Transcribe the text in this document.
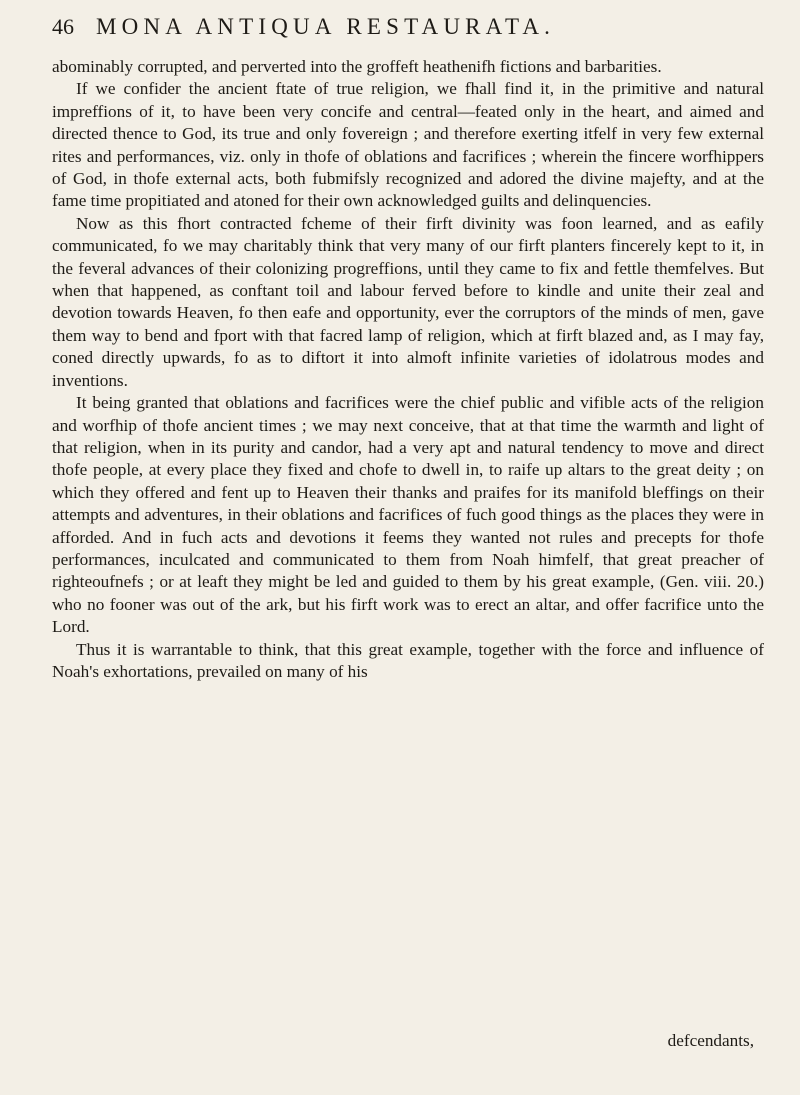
46 MONA ANTIQUA RESTAURATA.

abominably corrupted, and perverted into the groffeft heathenifh fictions and barbarities.

If we confider the ancient ftate of true religion, we fhall find it, in the primitive and natural impreffions of it, to have been very concife and central—feated only in the heart, and aimed and directed thence to God, its true and only fovereign ; and therefore exerting itfelf in very few external rites and performances, viz. only in thofe of oblations and facrifices ; wherein the fincere worfhippers of God, in thofe external acts, both fubmifsly recognized and adored the divine majefty, and at the fame time propitiated and atoned for their own acknowledged guilts and delinquencies.

Now as this fhort contracted fcheme of their firft divinity was foon learned, and as eafily communicated, fo we may charitably think that very many of our firft planters fincerely kept to it, in the feveral advances of their colonizing progreffions, until they came to fix and fettle themfelves. But when that happened, as conftant toil and labour ferved before to kindle and unite their zeal and devotion towards Heaven, fo then eafe and opportunity, ever the corruptors of the minds of men, gave them way to bend and fport with that facred lamp of religion, which at firft blazed and, as I may fay, coned directly upwards, fo as to diftort it into almoft infinite varieties of idolatrous modes and inventions.

It being granted that oblations and facrifices were the chief public and vifible acts of the religion and worfhip of thofe ancient times ; we may next conceive, that at that time the warmth and light of that religion, when in its purity and candor, had a very apt and natural tendency to move and direct thofe people, at every place they fixed and chofe to dwell in, to raife up altars to the great deity ; on which they offered and fent up to Heaven their thanks and praifes for its manifold bleffings on their attempts and adventures, in their oblations and facrifices of fuch good things as the places they were in afforded. And in fuch acts and devotions it feems they wanted not rules and precepts for thofe performances, inculcated and communicated to them from Noah himfelf, that great preacher of righteoufnefs ; or at leaft they might be led and guided to them by his great example, (Gen. viii. 20.) who no fooner was out of the ark, but his firft work was to erect an altar, and offer facrifice unto the Lord.

Thus it is warrantable to think, that this great example, together with the force and influence of Noah's exhortations, prevailed on many of his

defcendants,
